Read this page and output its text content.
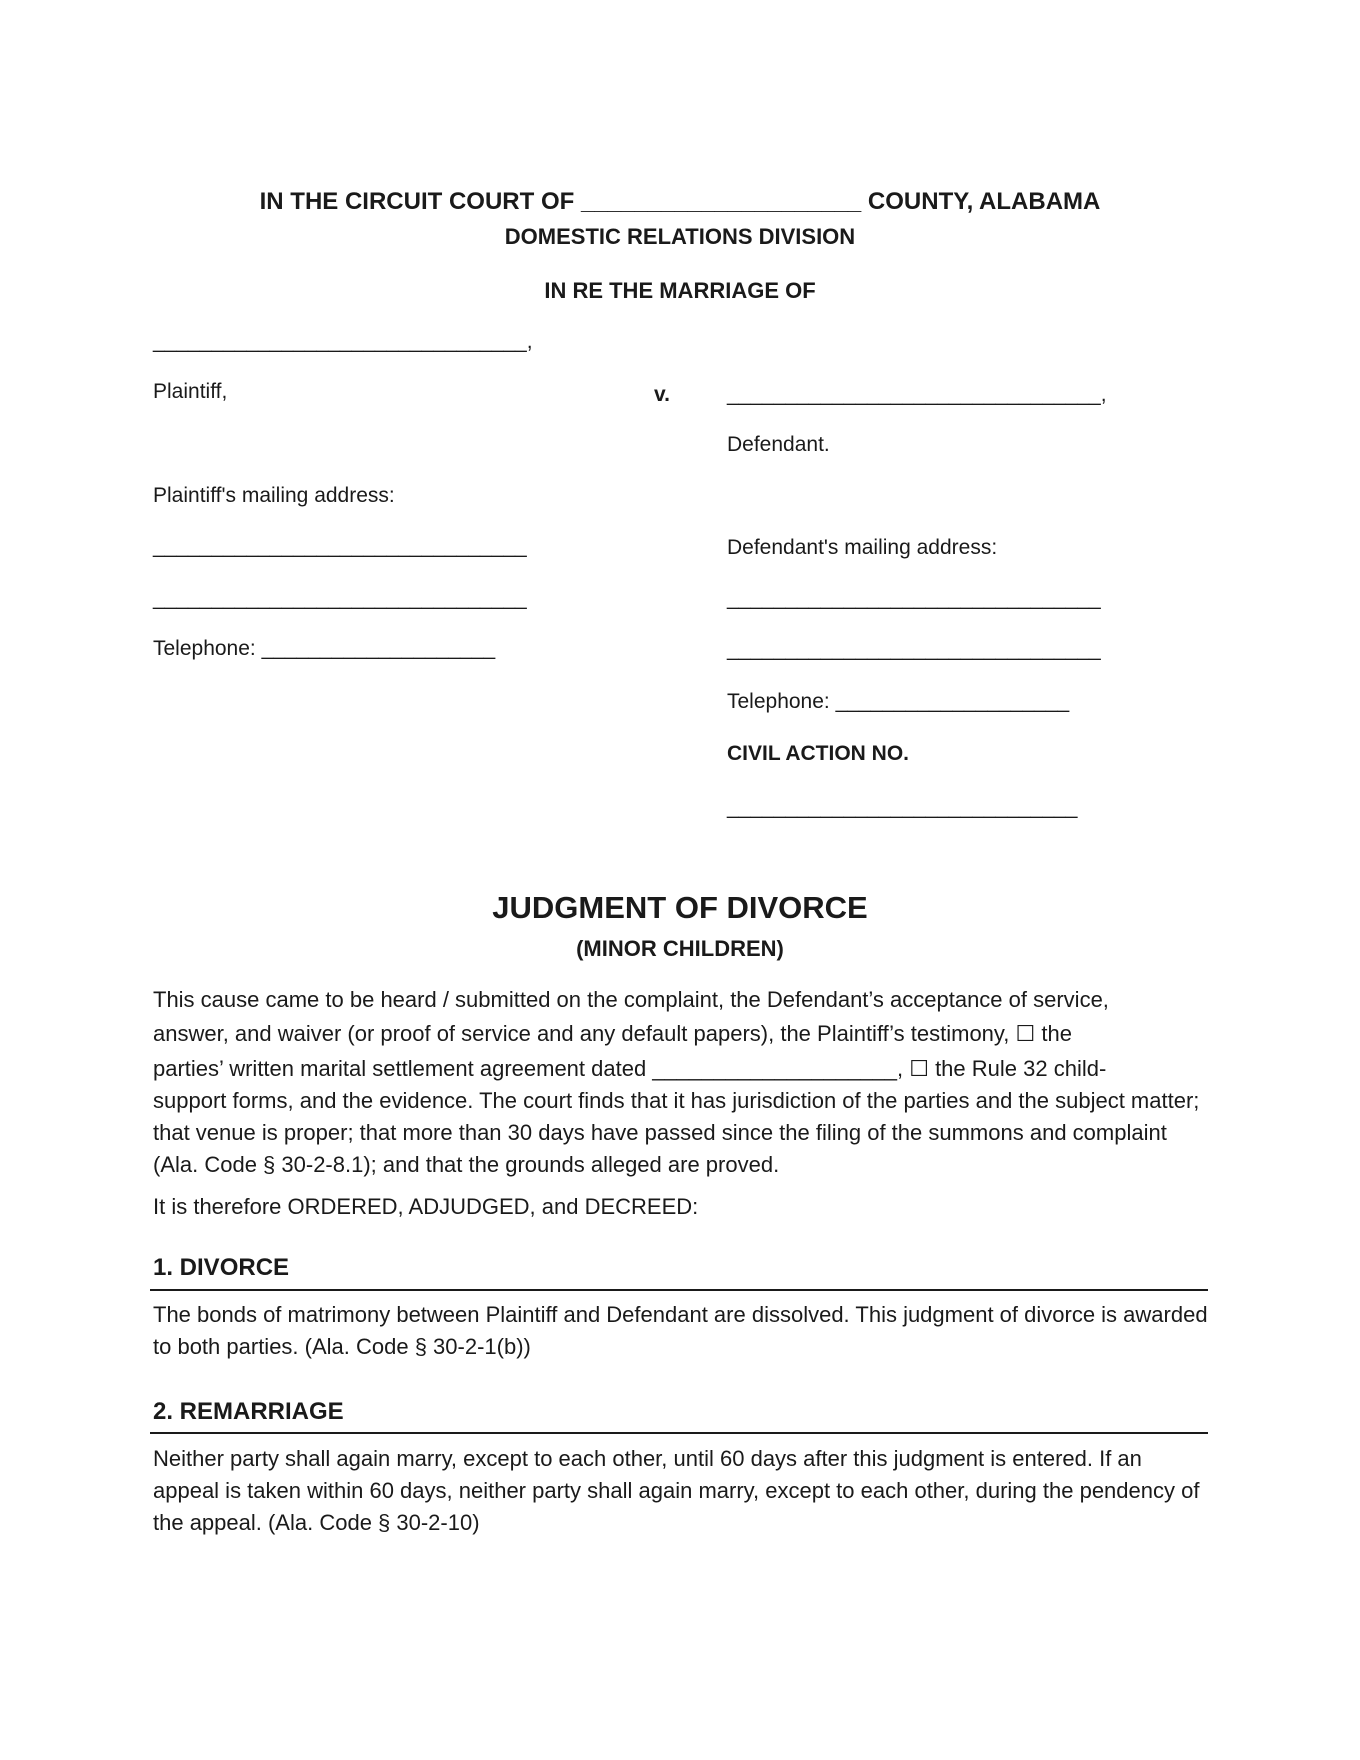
IN THE CIRCUIT COURT OF _____________________ COUNTY, ALABAMA
DOMESTIC RELATIONS DIVISION
IN RE THE MARRIAGE OF
________________________________,
Plaintiff,
Plaintiff's mailing address:
________________________________
________________________________
Telephone: ____________________
v.	________________________________,
Defendant.
Defendant's mailing address:
________________________________
________________________________
Telephone: ____________________
CIVIL ACTION NO.
______________________________
JUDGMENT OF DIVORCE
(MINOR CHILDREN)
This cause came to be heard / submitted on the complaint, the Defendant’s acceptance of service,
answer, and waiver (or proof of service and any default papers), the Plaintiff’s testimony, ☐ the
parties’ written marital settlement agreement dated ____________________, ☐ the Rule 32 child-
support forms, and the evidence. The court finds that it has jurisdiction of the parties and the subject matter; that venue is proper; that more than 30 days have passed since the filing of the summons and complaint (Ala. Code § 30-2-8.1); and that the grounds alleged are proved.
It is therefore ORDERED, ADJUDGED, and DECREED:
1. DIVORCE
The bonds of matrimony between Plaintiff and Defendant are dissolved. This judgment of divorce is awarded to both parties. (Ala. Code § 30-2-1(b))
2. REMARRIAGE
Neither party shall again marry, except to each other, until 60 days after this judgment is entered. If an appeal is taken within 60 days, neither party shall again marry, except to each other, during the pendency of the appeal. (Ala. Code § 30-2-10)
